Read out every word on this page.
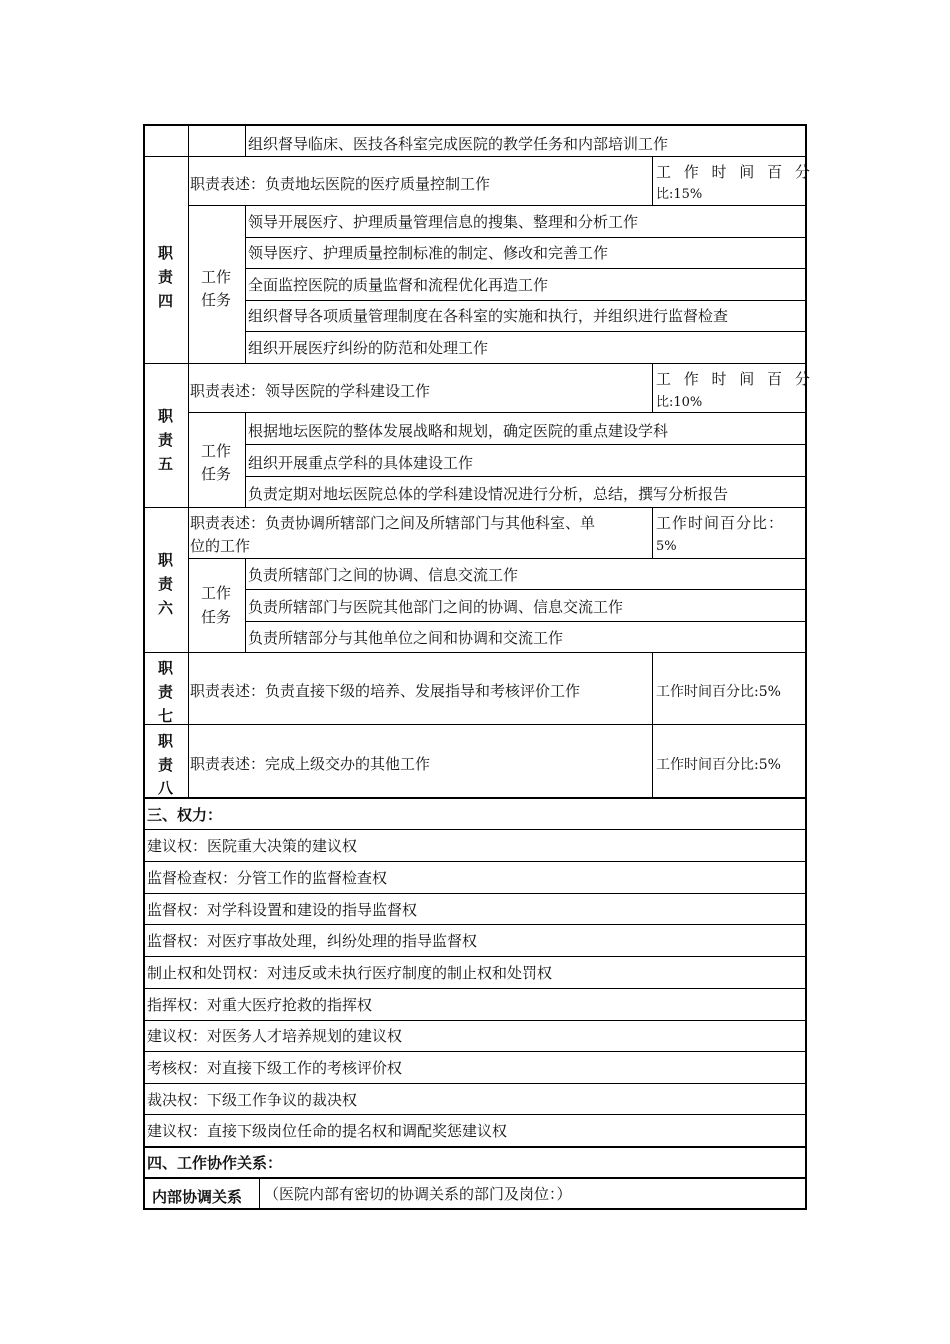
组织督导临床、医技各科室完成医院的教学任务和内部培训工作
职
责
四
职责表述：负责地坛医院的医疗质量控制工作
工 作 时 间 百 分
比:15%
工作
任务
领导开展医疗、护理质量管理信息的搜集、整理和分析工作
领导医疗、护理质量控制标准的制定、修改和完善工作
全面监控医院的质量监督和流程优化再造工作
组织督导各项质量管理制度在各科室的实施和执行，并组织进行监督检查
组织开展医疗纠纷的防范和处理工作
职
责
五
职责表述：领导医院的学科建设工作
工 作 时 间 百 分
比:10%
工作
任务
根据地坛医院的整体发展战略和规划，确定医院的重点建设学科
组织开展重点学科的具体建设工作
负责定期对地坛医院总体的学科建设情况进行分析，总结，撰写分析报告
职
责
六
职责表述：负责协调所辖部门之间及所辖部门与其他科室、单
位的工作
工作时间百分比：
5%
工作
任务
负责所辖部门之间的协调、信息交流工作
负责所辖部门与医院其他部门之间的协调、信息交流工作
负责所辖部分与其他单位之间和协调和交流工作
职
责
七
职责表述：负责直接下级的培养、发展指导和考核评价工作	工作时间百分比:5%
职
责
八
职责表述：完成上级交办的其他工作	工作时间百分比:5%
三、权力：
建议权：医院重大决策的建议权
监督检查权：分管工作的监督检查权
监督权：对学科设置和建设的指导监督权
监督权：对医疗事故处理，纠纷处理的指导监督权
制止权和处罚权：对违反或未执行医疗制度的制止权和处罚权
指挥权：对重大医疗抢救的指挥权
建议权：对医务人才培养规划的建议权
考核权：对直接下级工作的考核评价权
裁决权：下级工作争议的裁决权
建议权：直接下级岗位任命的提名权和调配奖惩建议权
四、工作协作关系：
内部协调关系 （医院内部有密切的协调关系的部门及岗位：）
